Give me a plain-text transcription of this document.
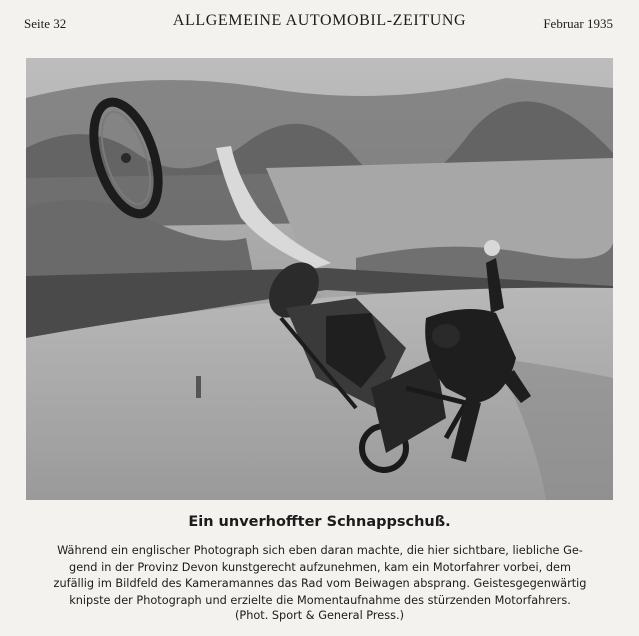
Seite 32	ALLGEMEINE AUTOMOBIL-ZEITUNG	Februar 1935
Ein unverhoffter Schnappschuß.
Während ein englischer Photograph sich eben daran machte, die hier sichtbare, liebliche Ge-
gend in der Provinz Devon kunstgerecht aufzunehmen, kam ein Motorfahrer vorbei, dem
zufällig im Bildfeld des Kameramannes das Rad vom Beiwagen absprang. Geistesgegenwärtig
knipste der Photograph und erzielte die Momentaufnahme des stürzenden Motorfahrers.
(Phot. Sport & General Press.)
